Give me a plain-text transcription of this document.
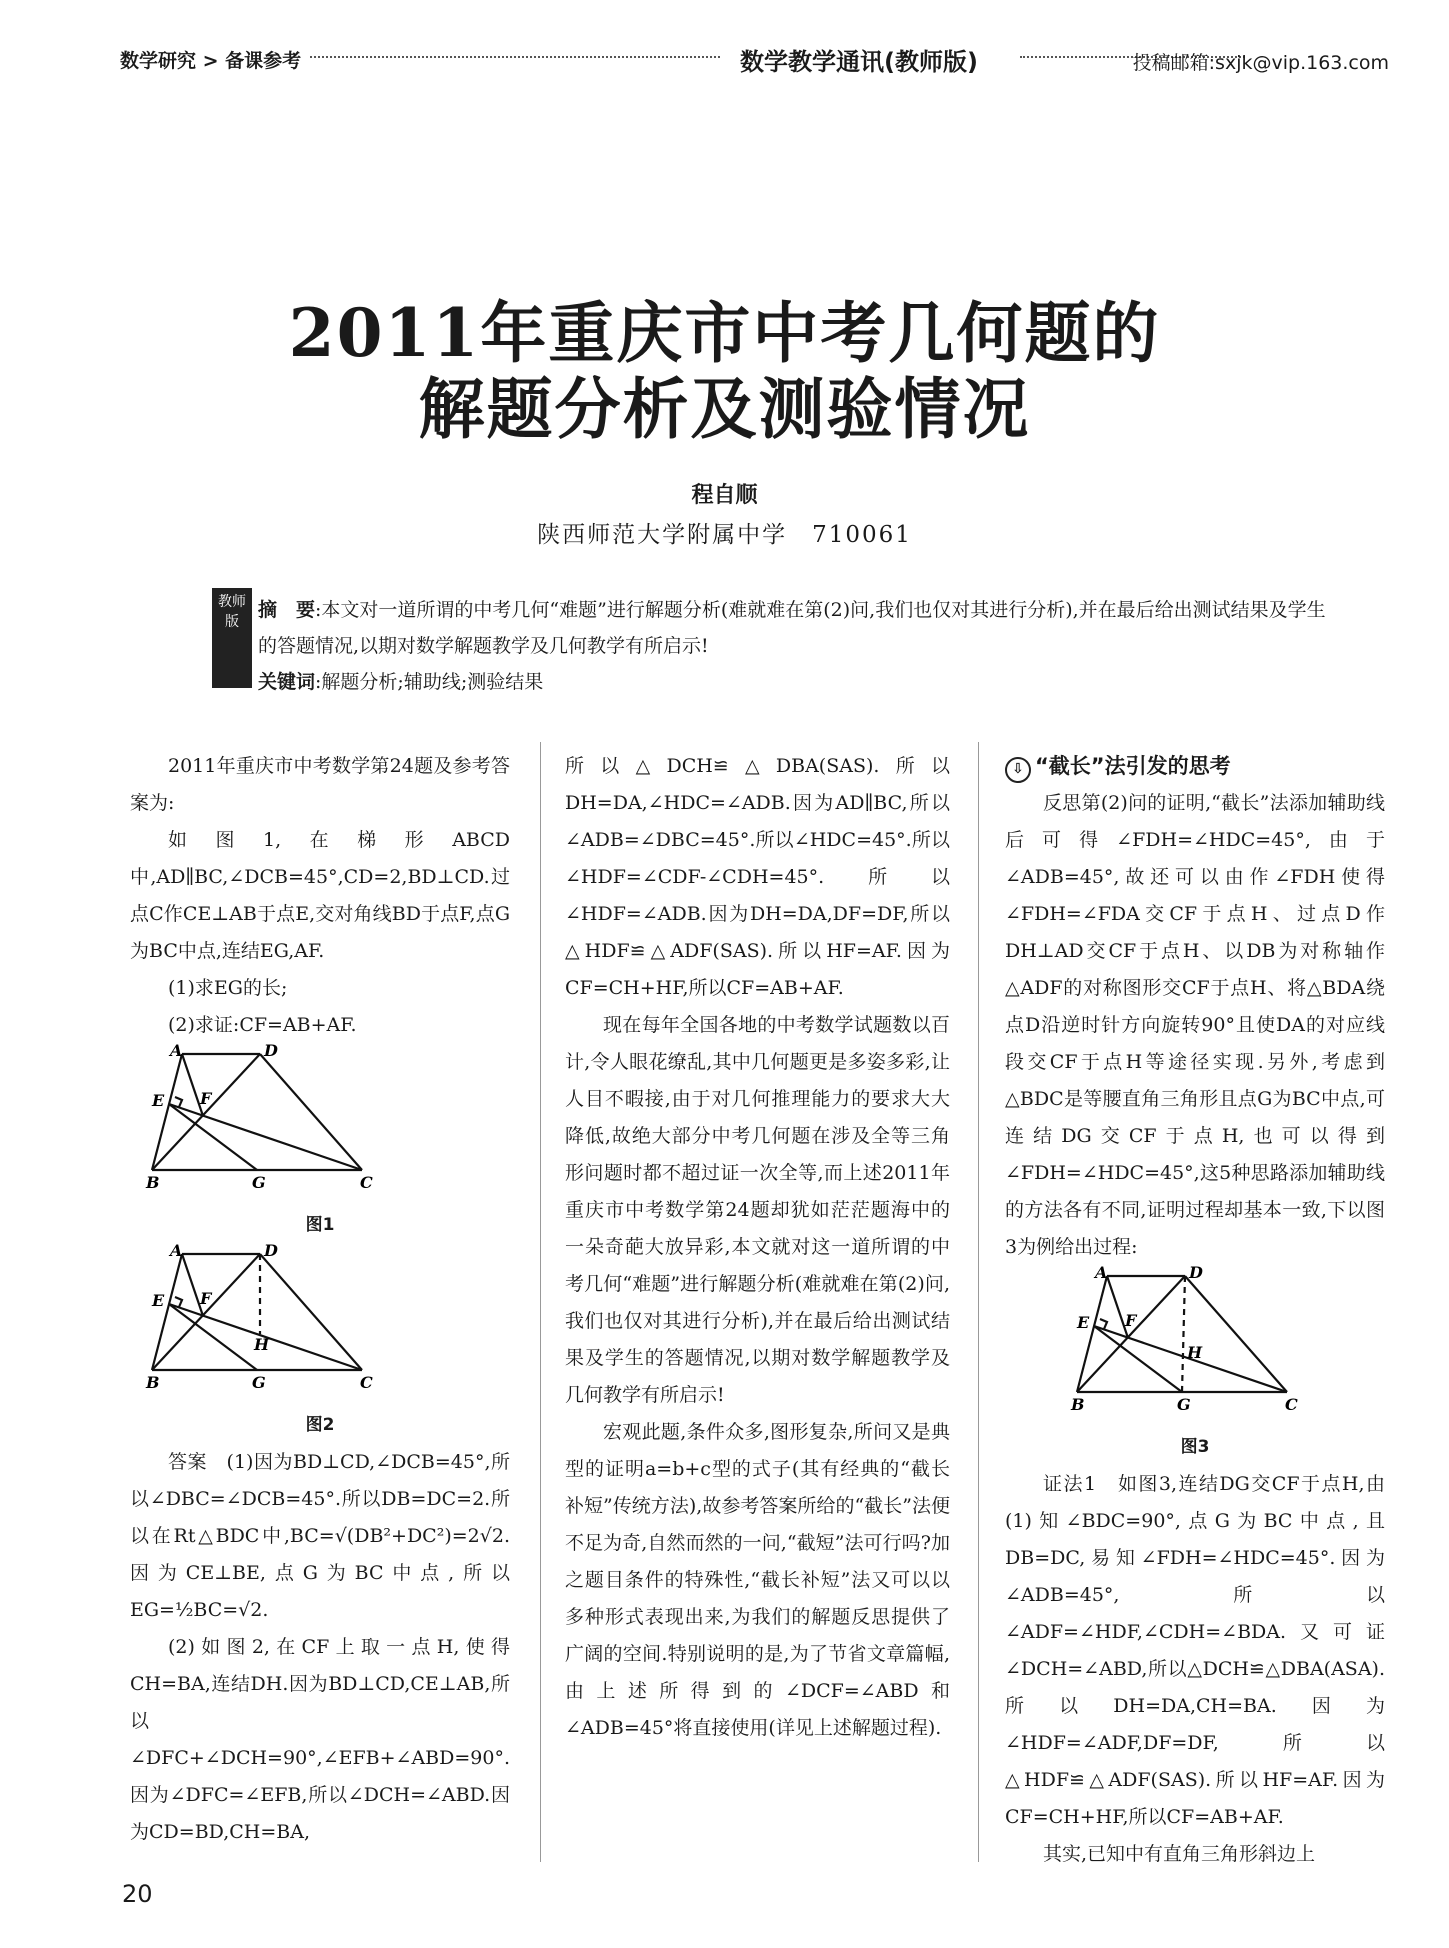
数学研究 > 备课参考	数学教学通讯(教师版)	投稿邮箱:sxjk@vip.163.com
2011年重庆市中考几何题的
解题分析及测验情况
程自顺
陕西师范大学附属中学　710061
教师版
摘　要:本文对一道所谓的中考几何“难题”进行解题分析(难就难在第(2)问,我们也仅对其进行分析),并在最后给出测试结果及学生的答题情况,以期对数学解题教学及几何教学有所启示!
关键词:解题分析;辅助线;测验结果

2011年重庆市中考数学第24题及参考答案为:

如图1,在梯形ABCD中,AD∥BC,∠DCB=45°,CD=2,BD⊥CD.过点C作CE⊥AB于点E,交对角线BD于点F,点G为BC中点,连结EG,AF.

(1)求EG的长;

(2)求证:CF=AB+AF.

A	D
E F
B	G	C
图1
A	D
E F
H
B	G	C
图2

答案　(1)因为BD⊥CD,∠DCB=45°,所以∠DBC=∠DCB=45°.所以DB=DC=2.所以在Rt△BDC中,BC=√(DB²+DC²)=2√2.因为CE⊥BE,点G为BC中点,所以EG=½BC=√2.

(2)如图2,在CF上取一点H,使得CH=BA,连结DH.因为BD⊥CD,CE⊥AB,所以∠DFC+∠DCH=90°,∠EFB+∠ABD=90°.因为∠DFC=∠EFB,所以∠DCH=∠ABD.因为CD=BD,CH=BA,

所以△DCH≌△DBA(SAS).所以DH=DA,∠HDC=∠ADB.因为AD∥BC,所以∠ADB=∠DBC=45°.所以∠HDC=45°.所以∠HDF=∠CDF-∠CDH=45°.所以∠HDF=∠ADB.因为DH=DA,DF=DF,所以△HDF≌△ADF(SAS).所以HF=AF.因为CF=CH+HF,所以CF=AB+AF.

现在每年全国各地的中考数学试题数以百计,令人眼花缭乱,其中几何题更是多姿多彩,让人目不暇接,由于对几何推理能力的要求大大降低,故绝大部分中考几何题在涉及全等三角形问题时都不超过证一次全等,而上述2011年重庆市中考数学第24题却犹如茫茫题海中的一朵奇葩大放异彩,本文就对这一道所谓的中考几何“难题”进行解题分析(难就难在第(2)问,我们也仅对其进行分析),并在最后给出测试结果及学生的答题情况,以期对数学解题教学及几何教学有所启示!

宏观此题,条件众多,图形复杂,所问又是典型的证明a=b+c型的式子(其有经典的“截长补短”传统方法),故参考答案所给的“截长”法便不足为奇,自然而然的一问,“截短”法可行吗?加之题目条件的特殊性,“截长补短”法又可以以多种形式表现出来,为我们的解题反思提供了广阔的空间.特别说明的是,为了节省文章篇幅,由上述所得到的∠DCF=∠ABD和∠ADB=45°将直接使用(详见上述解题过程).

⇩ “截长”法引发的思考

反思第(2)问的证明,“截长”法添加辅助线后可得∠FDH=∠HDC=45°,由于∠ADB=45°,故还可以由作∠FDH使得∠FDH=∠FDA交CF于点H、过点D作DH⊥AD交CF于点H、以DB为对称轴作△ADF的对称图形交CF于点H、将△BDA绕点D沿逆时针方向旋转90°且使DA的对应线段交CF于点H等途径实现.另外,考虑到△BDC是等腰直角三角形且点G为BC中点,可连结DG交CF于点H,也可以得到∠FDH=∠HDC=45°,这5种思路添加辅助线的方法各有不同,证明过程却基本一致,下以图3为例给出过程:

A	D
E F
H
B	G	C
图3

证法1　如图3,连结DG交CF于点H,由(1)知∠BDC=90°,点G为BC中点,且DB=DC,易知∠FDH=∠HDC=45°.因为∠ADB=45°,所以∠ADF=∠HDF,∠CDH=∠BDA.又可证∠DCH=∠ABD,所以△DCH≌△DBA(ASA).所以DH=DA,CH=BA.因为∠HDF=∠ADF,DF=DF,所以△HDF≌△ADF(SAS).所以HF=AF.因为CF=CH+HF,所以CF=AB+AF.

其实,已知中有直角三角形斜边上

20
